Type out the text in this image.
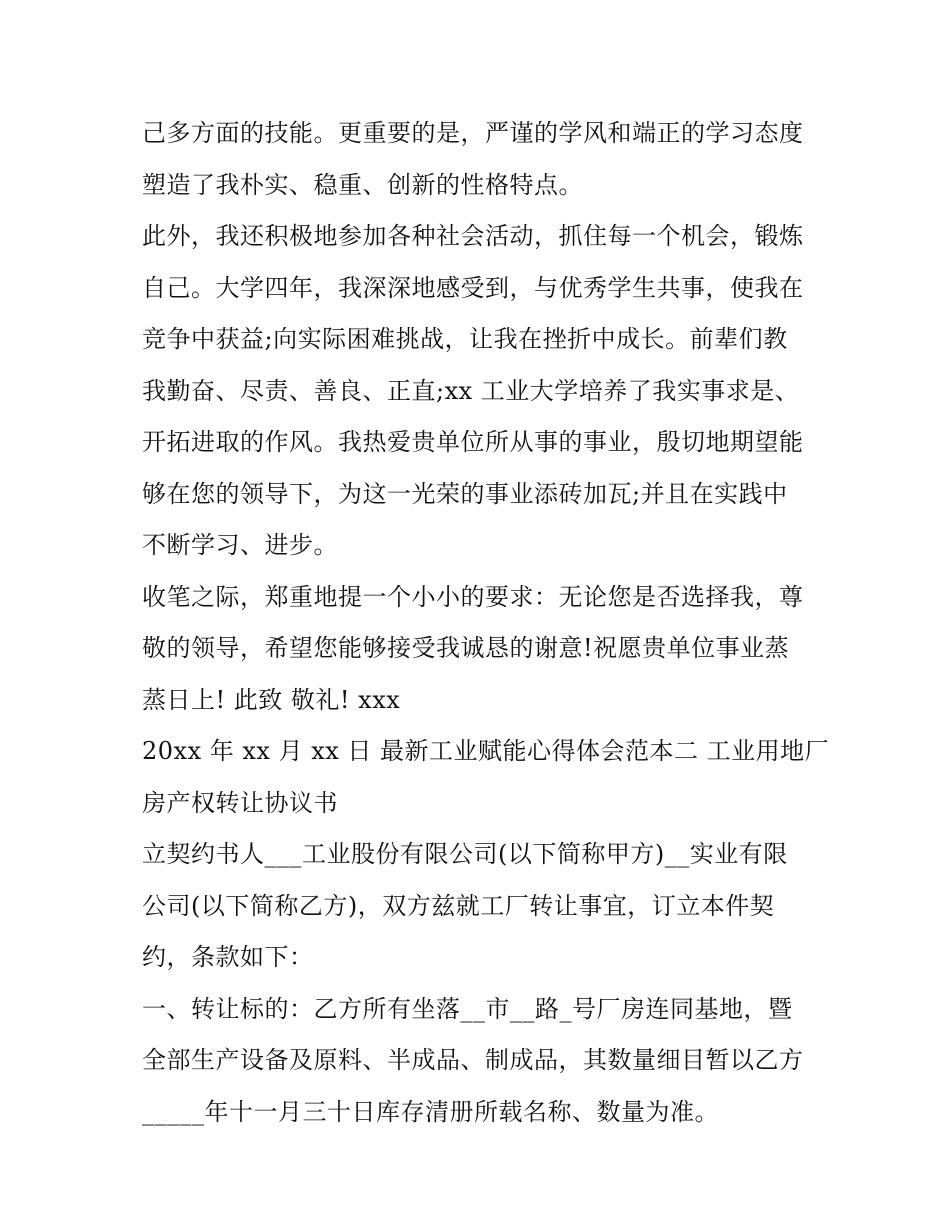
己多方面的技能。更重要的是，严谨的学风和端正的学习态度
塑造了我朴实、稳重、创新的性格特点。
此外，我还积极地参加各种社会活动，抓住每一个机会，锻炼
自己。大学四年，我深深地感受到，与优秀学生共事，使我在
竞争中获益;向实际困难挑战，让我在挫折中成长。前辈们教
我勤奋、尽责、善良、正直;xx 工业大学培养了我实事求是、
开拓进取的作风。我热爱贵单位所从事的事业，殷切地期望能
够在您的领导下，为这一光荣的事业添砖加瓦;并且在实践中
不断学习、进步。
收笔之际，郑重地提一个小小的要求：无论您是否选择我，尊
敬的领导，希望您能够接受我诚恳的谢意!祝愿贵单位事业蒸
蒸日上! 此致 敬礼! xxx
20xx 年 xx 月 xx 日 最新工业赋能心得体会范本二 工业用地厂
房产权转让协议书
立契约书人___工业股份有限公司(以下简称甲方)__实业有限
公司(以下简称乙方)，双方兹就工厂转让事宜，订立本件契
约，条款如下：
一、转让标的：乙方所有坐落__市__路_号厂房连同基地，暨
全部生产设备及原料、半成品、制成品，其数量细目暂以乙方
_____年十一月三十日库存清册所载名称、数量为准。
